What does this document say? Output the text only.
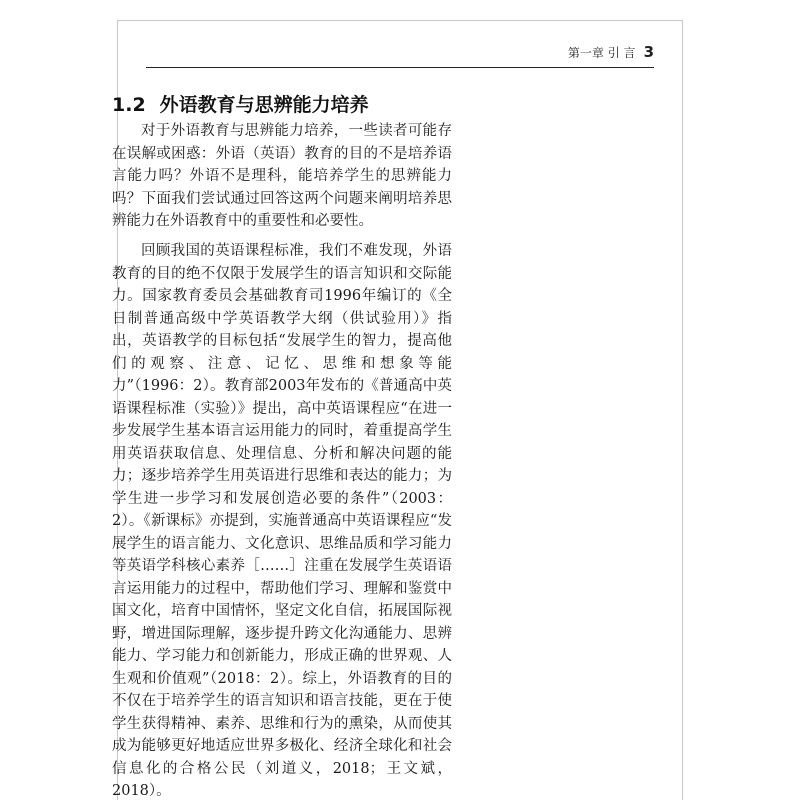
第一章 引 言 3
1.2 外语教育与思辨能力培养

对于外语教育与思辨能力培养，一些读者可能存在误解或困惑：外语（英语）教育的目的不是培养语言能力吗？外语不是理科，能培养学生的思辨能力吗？下面我们尝试通过回答这两个问题来阐明培养思辨能力在外语教育中的重要性和必要性。

回顾我国的英语课程标准，我们不难发现，外语教育的目的绝不仅限于发展学生的语言知识和交际能力。国家教育委员会基础教育司1996年编订的《全日制普通高级中学英语教学大纲（供试验用）》指出，英语教学的目标包括“发展学生的智力，提高他们的观察、注意、记忆、思维和想象等能力”（1996：2）。教育部2003年发布的《普通高中英语课程标准（实验）》提出，高中英语课程应“在进一步发展学生基本语言运用能力的同时，着重提高学生用英语获取信息、处理信息、分析和解决问题的能力；逐步培养学生用英语进行思维和表达的能力；为学生进一步学习和发展创造必要的条件”（2003：2）。《新课标》亦提到，实施普通高中英语课程应“发展学生的语言能力、文化意识、思维品质和学习能力等英语学科核心素养［……］注重在发展学生英语语言运用能力的过程中，帮助他们学习、理解和鉴赏中国文化，培育中国情怀，坚定文化自信，拓展国际视野，增进国际理解，逐步提升跨文化沟通能力、思辨能力、学习能力和创新能力，形成正确的世界观、人生观和价值观”（2018：2）。综上，外语教育的目的不仅在于培养学生的语言知识和语言技能，更在于使学生获得精神、素养、思维和行为的熏染，从而使其成为能够更好地适应世界多极化、经济全球化和社会信息化的合格公民（刘道义，2018；王文斌，2018）。
